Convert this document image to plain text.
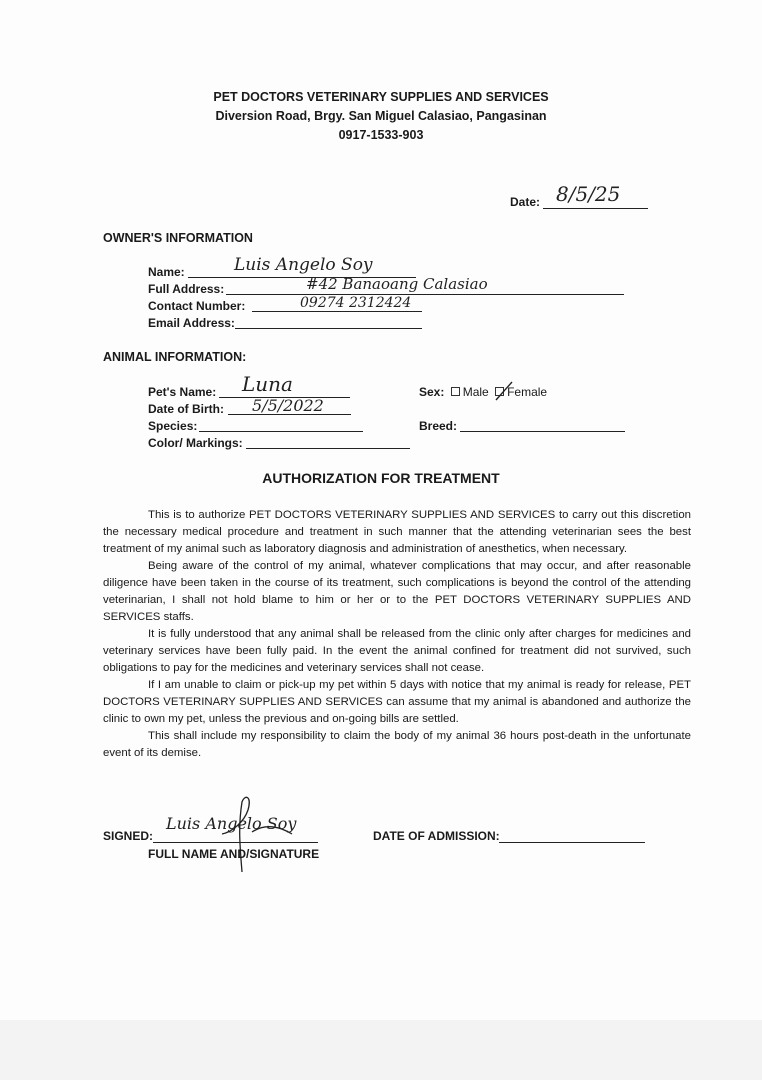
PET DOCTORS VETERINARY SUPPLIES AND SERVICES
Diversion Road, Brgy. San Miguel Calasiao, Pangasinan
0917-1533-903
Date: 8/5/25
OWNER'S INFORMATION
Name:	Luis Angelo Soy
Full Address:	#42 Banaoang Calasiao
Contact Number:	09274 2312424
Email Address:
ANIMAL INFORMATION:
Pet's Name: Luna
Date of Birth: 5/5/2022
Species:
Color/ Markings:
Sex: Male Female
Breed:
AUTHORIZATION FOR TREATMENT

This is to authorize PET DOCTORS VETERINARY SUPPLIES AND SERVICES to carry out this discretion the necessary medical procedure and treatment in such manner that the attending veterinarian sees the best treatment of my animal such as laboratory diagnosis and administration of anesthetics, when necessary.

Being aware of the control of my animal, whatever complications that may occur, and after reasonable diligence have been taken in the course of its treatment, such complications is beyond the control of the attending veterinarian, I shall not hold blame to him or her or to the PET DOCTORS VETERINARY SUPPLIES AND SERVICES staffs.

It is fully understood that any animal shall be released from the clinic only after charges for medicines and veterinary services have been fully paid. In the event the animal confined for treatment did not survived, such obligations to pay for the medicines and veterinary services shall not cease.

If I am unable to claim or pick-up my pet within 5 days with notice that my animal is ready for release, PET DOCTORS VETERINARY SUPPLIES AND SERVICES can assume that my animal is abandoned and authorize the clinic to own my pet, unless the previous and on-going bills are settled.

This shall include my responsibility to claim the body of my animal 36 hours post-death in the unfortunate event of its demise.

SIGNED:
Luis Angelo Soy
FULL NAME AND/SIGNATURE
DATE OF ADMISSION:
